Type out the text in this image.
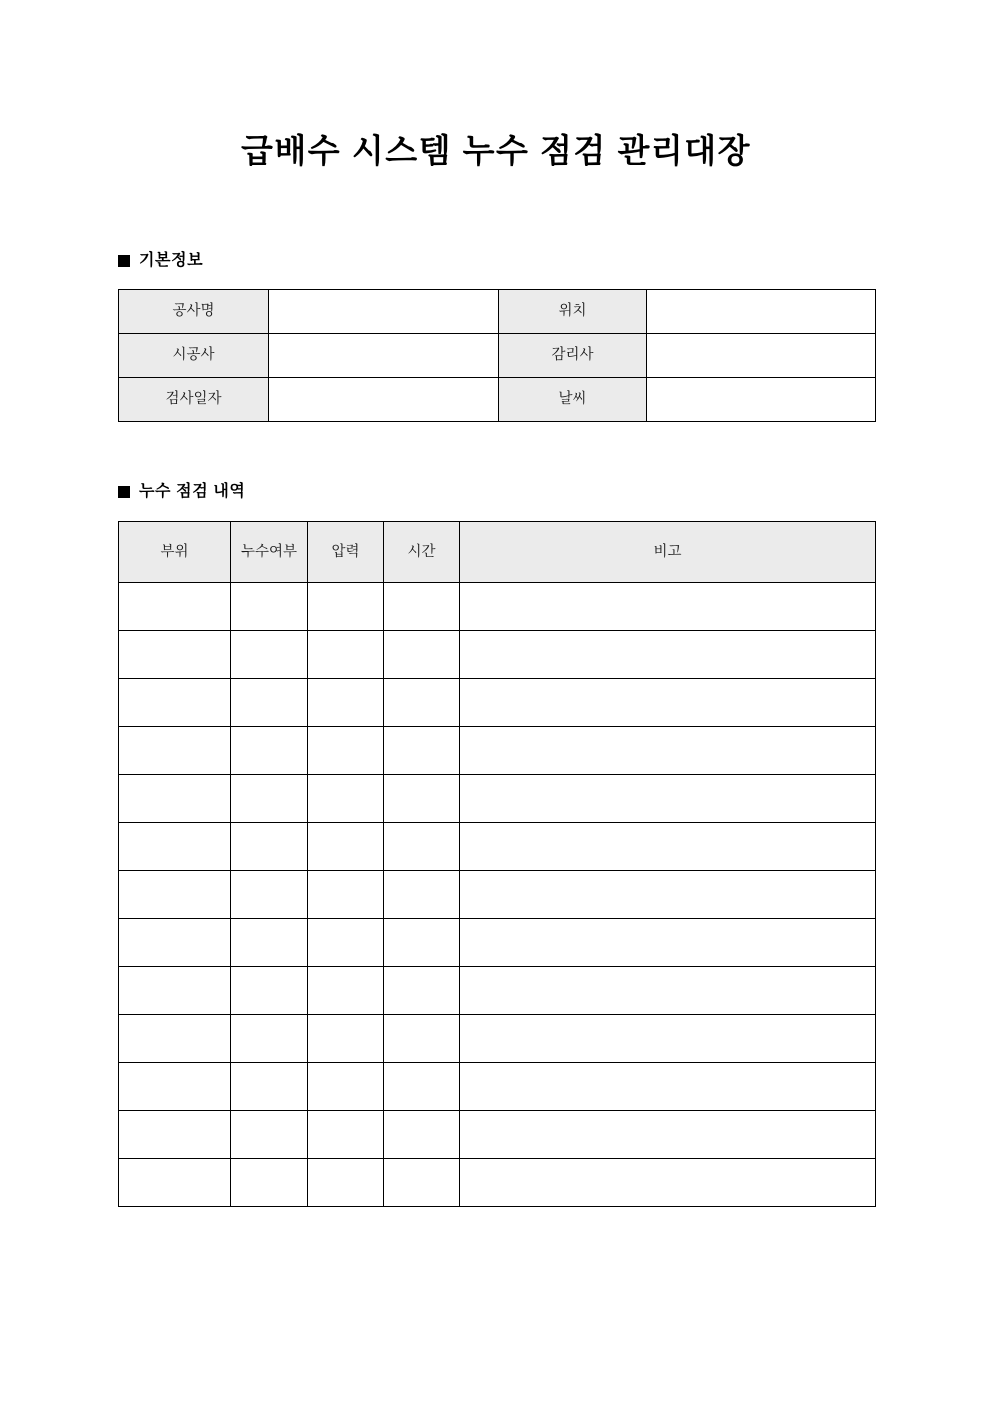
급배수 시스템 누수 점검 관리대장
기본정보
공사명		위치	
시공사		감리사	
검사일자		날씨	
누수 점검 내역
부위	누수여부	압력	시간	비고
